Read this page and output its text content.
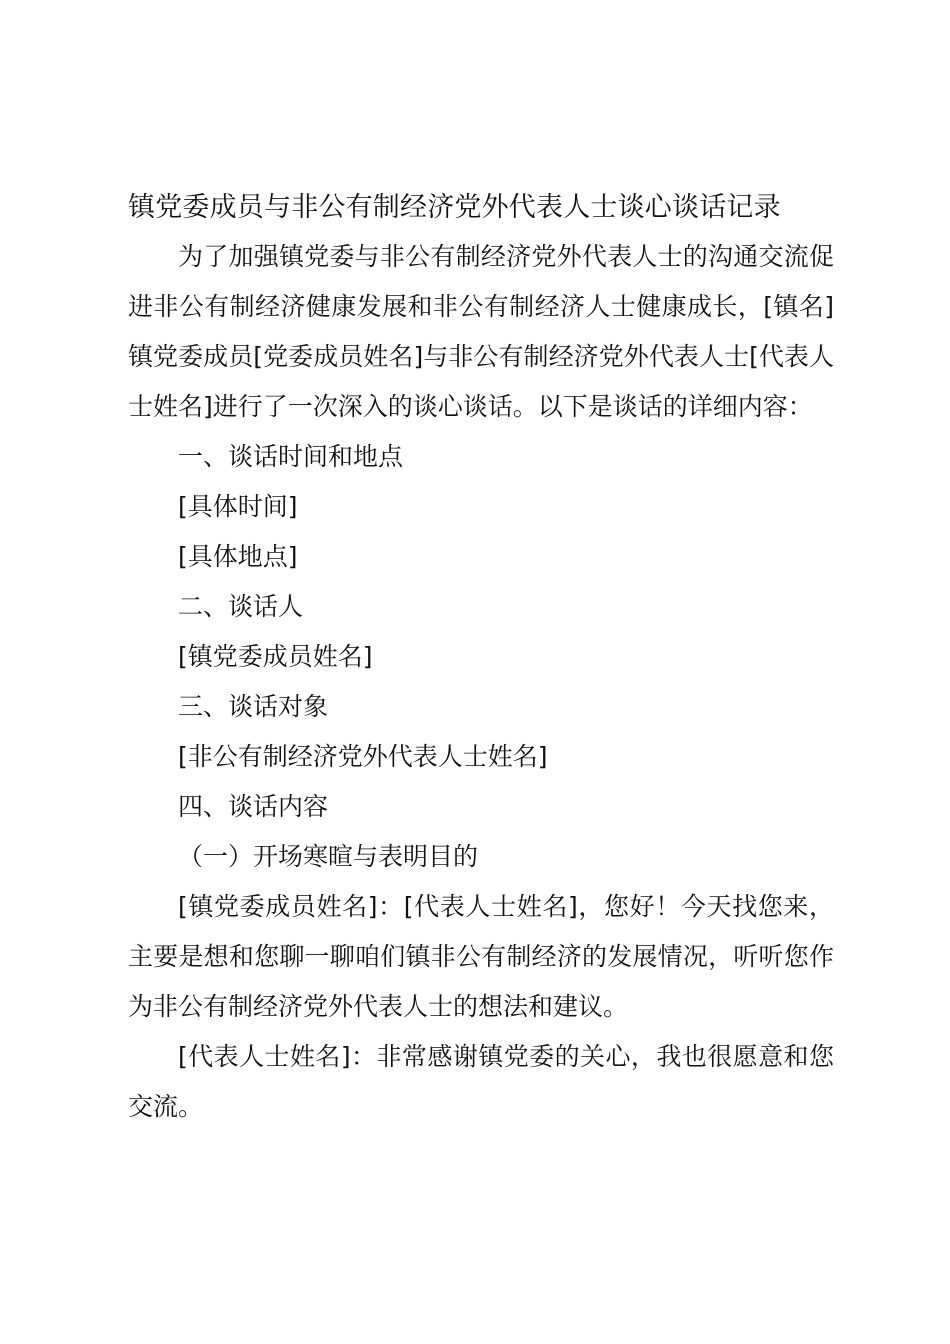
镇党委成员与非公有制经济党外代表人士谈心谈话记录

为了加强镇党委与非公有制经济党外代表人士的沟通交流促进非公有制经济健康发展和非公有制经济人士健康成长，[镇名]镇党委成员[党委成员姓名]与非公有制经济党外代表人士[代表人士姓名]进行了一次深入的谈心谈话。以下是谈话的详细内容：

一、谈话时间和地点

[具体时间]

[具体地点]

二、谈话人

[镇党委成员姓名]

三、谈话对象

[非公有制经济党外代表人士姓名]

四、谈话内容

（一）开场寒暄与表明目的

[镇党委成员姓名]：[代表人士姓名]，您好！今天找您来，主要是想和您聊一聊咱们镇非公有制经济的发展情况，听听您作为非公有制经济党外代表人士的想法和建议。

[代表人士姓名]：非常感谢镇党委的关心，我也很愿意和您交流。
